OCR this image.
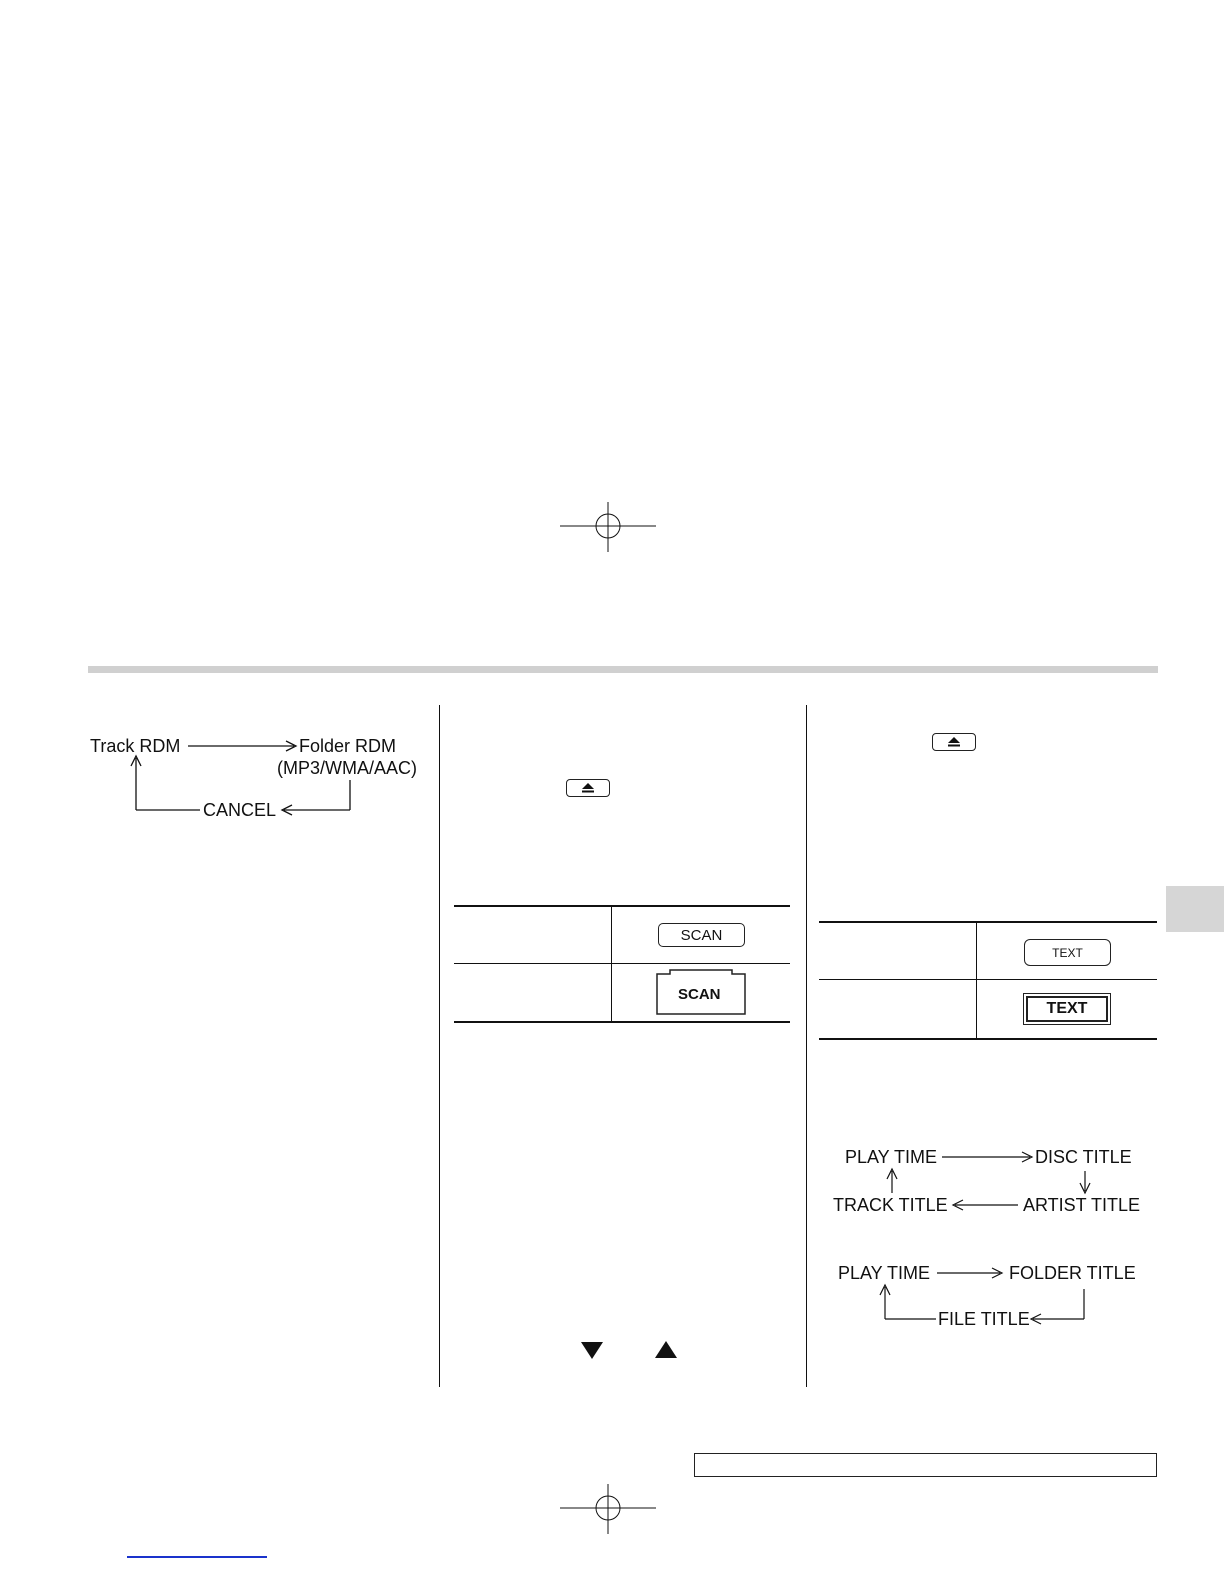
Track RDM	Folder RDM
(MP3/WMA/AAC)
CANCEL
SCAN
SCAN
TEXT
TEXT
PLAY TIME	DISC TITLE
TRACK TITLE	ARTIST TITLE
PLAY TIME	FOLDER TITLE
FILE TITLE
